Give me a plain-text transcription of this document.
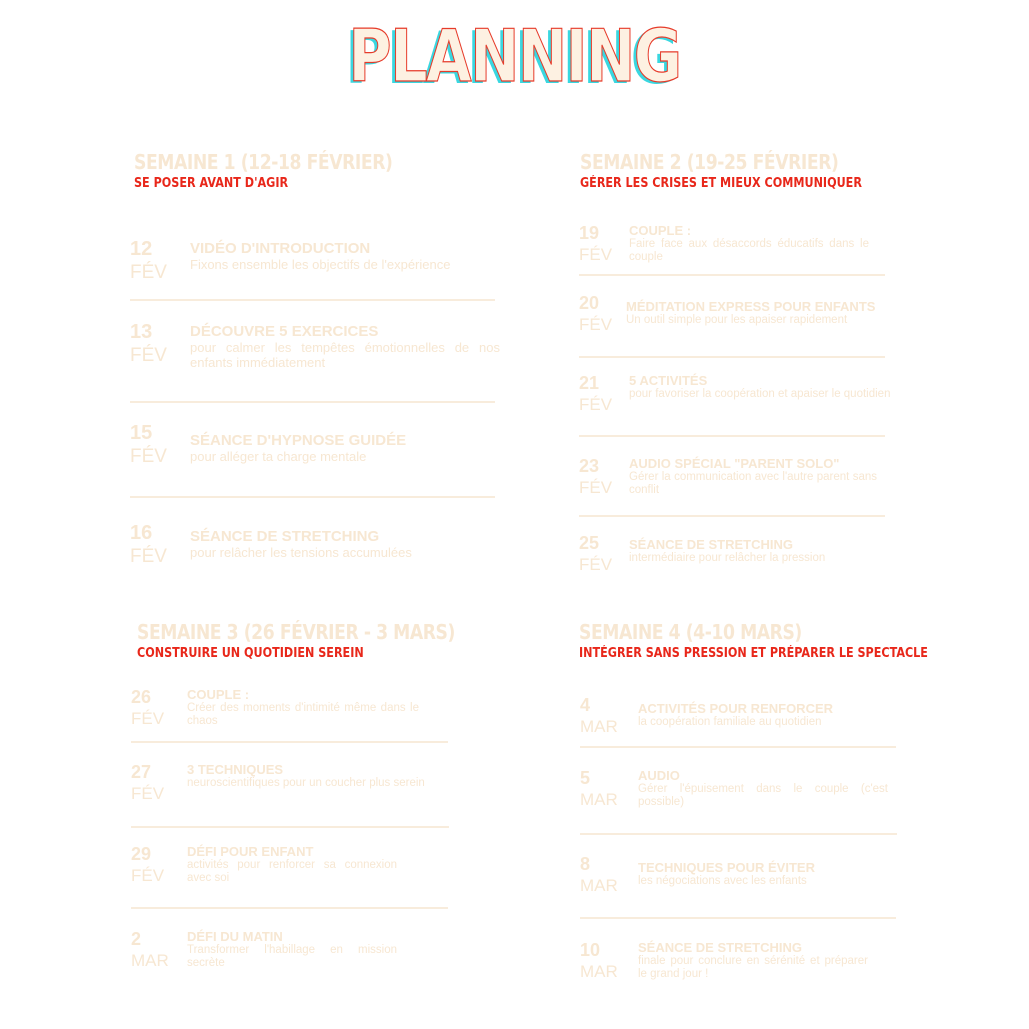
PLANNING
SEMAINE 1 (12-18 FÉVRIER)
SE POSER AVANT D'AGIR
12
FÉV
VIDÉO D'INTRODUCTION
Fixons ensemble les objectifs de l'expérience
13
FÉV
DÉCOUVRE 5 EXERCICES
pour calmer les tempêtes émotionnelles de nos enfants immédiatement
15
FÉV
SÉANCE D'HYPNOSE GUIDÉE
pour alléger ta charge mentale
16
FÉV
SÉANCE DE STRETCHING
pour relâcher les tensions accumulées
SEMAINE 2 (19-25 FÉVRIER)
GÉRER LES CRISES ET MIEUX COMMUNIQUER
19
FÉV
COUPLE :
Faire face aux désaccords éducatifs dans le couple
20
FÉV
MÉDITATION EXPRESS POUR ENFANTS
Un outil simple pour les apaiser rapidement
21
FÉV
5 ACTIVITÉS
pour favoriser la coopération et apaiser le quotidien
23
FÉV
AUDIO SPÉCIAL "PARENT SOLO"
Gérer la communication avec l'autre parent sans conflit
25
FÉV
SÉANCE DE STRETCHING
intermédiaire pour relâcher la pression
SEMAINE 3 (26 FÉVRIER - 3 MARS)
CONSTRUIRE UN QUOTIDIEN SEREIN
26
FÉV
COUPLE :
Créer des moments d'intimité même dans le chaos
27
FÉV
3 TECHNIQUES
neuroscientifiques pour un coucher plus serein
29
FÉV
DÉFI POUR ENFANT
activités pour renforcer sa connexion avec soi
2
MAR
DÉFI DU MATIN
Transformer l'habillage en mission secrète
SEMAINE 4 (4-10 MARS)
INTÉGRER SANS PRESSION ET PRÉPARER LE SPECTACLE
4
MAR
ACTIVITÉS POUR RENFORCER
la coopération familiale au quotidien
5
MAR
AUDIO
Gérer l'épuisement dans le couple (c'est possible)
8
MAR
TECHNIQUES POUR ÉVITER
les négociations avec les enfants
10
MAR
SÉANCE DE STRETCHING
finale pour conclure en sérénité et préparer le grand jour !
